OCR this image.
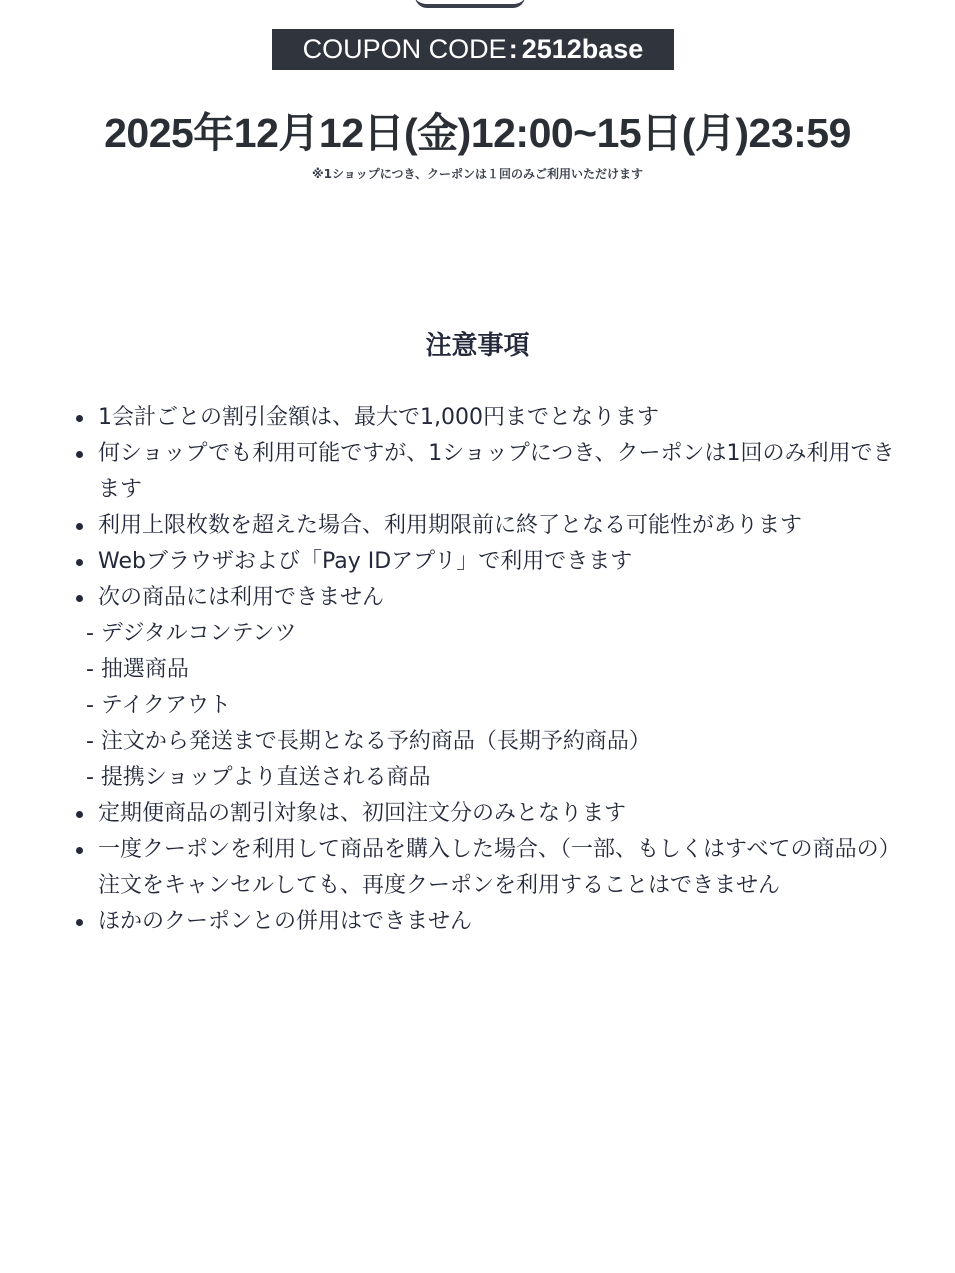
COUPON CODE : 2512base
2025年12月12日(金)12:00~15日(月)23:59
※1ショップにつき、クーポンは１回のみご利用いただけます
注意事項
1会計ごとの割引金額は、最大で1,000円までとなります
何ショップでも利用可能ですが、1ショップにつき、クーポンは1回のみ利用できます
利用上限枚数を超えた場合、利用期限前に終了となる可能性があります
Webブラウザおよび「Pay IDアプリ」で利用できます
次の商品には利用できません
- デジタルコンテンツ
- 抽選商品
- テイクアウト
- 注文から発送まで長期となる予約商品（長期予約商品）
- 提携ショップより直送される商品
定期便商品の割引対象は、初回注文分のみとなります
一度クーポンを利用して商品を購入した場合、（一部、もしくはすべての商品の）注文をキャンセルしても、再度クーポンを利用することはできません
ほかのクーポンとの併用はできません
